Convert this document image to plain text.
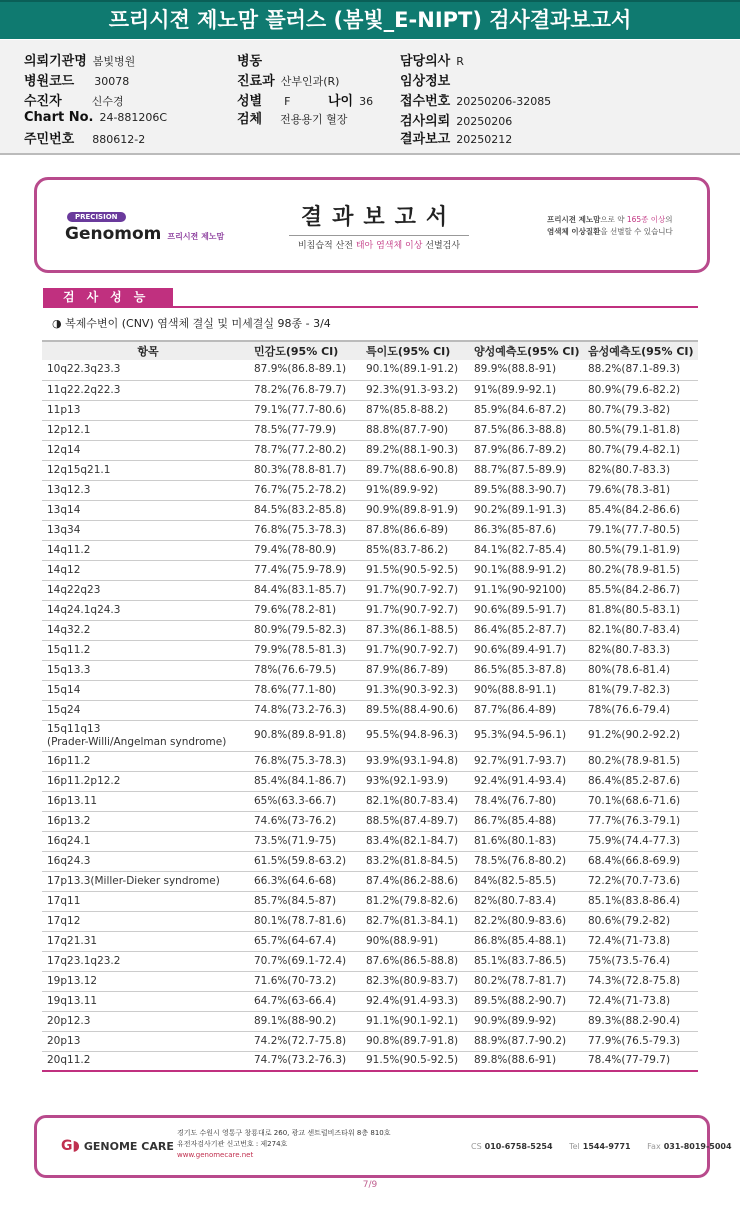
프리시젼 제노맘 플러스 (봄빛_E-NIPT) 검사결과보고서
의뢰기관명 봄빛병원
병원코드 30078
수진자	신수경
Chart No. 24-881206C
주민번호 880612-2
병동
진료과 산부인과(R)
성별 F	나이 36
검체 전용용기 혈장
담당의사 R
임상정보
접수번호 20250206-32085
검사의뢰 20250206
결과보고 20250212
PRECISION
Genomom 프리시젼 제노맘
결과보고서
비침습적 산전 태아 염색체 이상 선별검사
프리시젼 제노맘으로 약 165종 이상의
염색체 이상질환을 선별할 수 있습니다
검사성능
◑ 복제수변이 (CNV) 염색체 결실 및 미세결실 98종 - 3/4
항목	민감도(95% CI)	특이도(95% CI)	양성예측도(95% CI)	음성예측도(95% CI)
10q22.3q23.3	87.9%(86.8-89.1)	90.1%(89.1-91.2)	89.9%(88.8-91)	88.2%(87.1-89.3)
11q22.2q22.3	78.2%(76.8-79.7)	92.3%(91.3-93.2)	91%(89.9-92.1)	80.9%(79.6-82.2)
11p13	79.1%(77.7-80.6)	87%(85.8-88.2)	85.9%(84.6-87.2)	80.7%(79.3-82)
12p12.1	78.5%(77-79.9)	88.8%(87.7-90)	87.5%(86.3-88.8)	80.5%(79.1-81.8)
12q14	78.7%(77.2-80.2)	89.2%(88.1-90.3)	87.9%(86.7-89.2)	80.7%(79.4-82.1)
12q15q21.1	80.3%(78.8-81.7)	89.7%(88.6-90.8)	88.7%(87.5-89.9)	82%(80.7-83.3)
13q12.3	76.7%(75.2-78.2)	91%(89.9-92)	89.5%(88.3-90.7)	79.6%(78.3-81)
13q14	84.5%(83.2-85.8)	90.9%(89.8-91.9)	90.2%(89.1-91.3)	85.4%(84.2-86.6)
13q34	76.8%(75.3-78.3)	87.8%(86.6-89)	86.3%(85-87.6)	79.1%(77.7-80.5)
14q11.2	79.4%(78-80.9)	85%(83.7-86.2)	84.1%(82.7-85.4)	80.5%(79.1-81.9)
14q12	77.4%(75.9-78.9)	91.5%(90.5-92.5)	90.1%(88.9-91.2)	80.2%(78.9-81.5)
14q22q23	84.4%(83.1-85.7)	91.7%(90.7-92.7)	91.1%(90-92100)	85.5%(84.2-86.7)
14q24.1q24.3	79.6%(78.2-81)	91.7%(90.7-92.7)	90.6%(89.5-91.7)	81.8%(80.5-83.1)
14q32.2	80.9%(79.5-82.3)	87.3%(86.1-88.5)	86.4%(85.2-87.7)	82.1%(80.7-83.4)
15q11.2	79.9%(78.5-81.3)	91.7%(90.7-92.7)	90.6%(89.4-91.7)	82%(80.7-83.3)
15q13.3	78%(76.6-79.5)	87.9%(86.7-89)	86.5%(85.3-87.8)	80%(78.6-81.4)
15q14	78.6%(77.1-80)	91.3%(90.3-92.3)	90%(88.8-91.1)	81%(79.7-82.3)
15q24	74.8%(73.2-76.3)	89.5%(88.4-90.6)	87.7%(86.4-89)	78%(76.6-79.4)
15q11q13
(Prader-Willi/Angelman syndrome)	90.8%(89.8-91.8)	95.5%(94.8-96.3)	95.3%(94.5-96.1)	91.2%(90.2-92.2)
16p11.2	76.8%(75.3-78.3)	93.9%(93.1-94.8)	92.7%(91.7-93.7)	80.2%(78.9-81.5)
16p11.2p12.2	85.4%(84.1-86.7)	93%(92.1-93.9)	92.4%(91.4-93.4)	86.4%(85.2-87.6)
16p13.11	65%(63.3-66.7)	82.1%(80.7-83.4)	78.4%(76.7-80)	70.1%(68.6-71.6)
16p13.2	74.6%(73-76.2)	88.5%(87.4-89.7)	86.7%(85.4-88)	77.7%(76.3-79.1)
16q24.1	73.5%(71.9-75)	83.4%(82.1-84.7)	81.6%(80.1-83)	75.9%(74.4-77.3)
16q24.3	61.5%(59.8-63.2)	83.2%(81.8-84.5)	78.5%(76.8-80.2)	68.4%(66.8-69.9)
17p13.3(Miller-Dieker syndrome)	66.3%(64.6-68)	87.4%(86.2-88.6)	84%(82.5-85.5)	72.2%(70.7-73.6)
17q11	85.7%(84.5-87)	81.2%(79.8-82.6)	82%(80.7-83.4)	85.1%(83.8-86.4)
17q12	80.1%(78.7-81.6)	82.7%(81.3-84.1)	82.2%(80.9-83.6)	80.6%(79.2-82)
17q21.31	65.7%(64-67.4)	90%(88.9-91)	86.8%(85.4-88.1)	72.4%(71-73.8)
17q23.1q23.2	70.7%(69.1-72.4)	87.6%(86.5-88.8)	85.1%(83.7-86.5)	75%(73.5-76.4)
19p13.12	71.6%(70-73.2)	82.3%(80.9-83.7)	80.2%(78.7-81.7)	74.3%(72.8-75.8)
19q13.11	64.7%(63-66.4)	92.4%(91.4-93.3)	89.5%(88.2-90.7)	72.4%(71-73.8)
20p12.3	89.1%(88-90.2)	91.1%(90.1-92.1)	90.9%(89.9-92)	89.3%(88.2-90.4)
20p13	74.2%(72.7-75.8)	90.8%(89.7-91.8)	88.9%(87.7-90.2)	77.9%(76.5-79.3)
20q11.2	74.7%(73.2-76.3)	91.5%(90.5-92.5)	89.8%(88.6-91)	78.4%(77-79.7)
G◗ GENOME CARE
경기도 수원시 영통구 창룡대로 260, 광교 센트럴비즈타워 8층 810호
유전자검사기관 신고번호 : 제274호
www.genomecare.net
CS 010-6758-5254 Tel 1544-9771 Fax 031-8019-5004
7/9
